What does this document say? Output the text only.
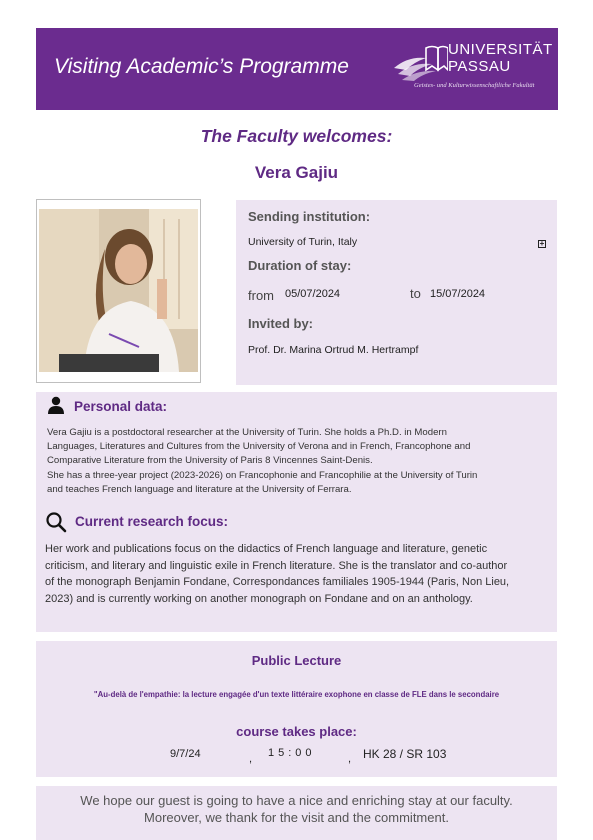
Visiting Academic’s Programme
UNIVERSITÄT
PASSAU
Geistes- und Kulturwissenschaftliche Fakultät
The Faculty welcomes:
Vera Gajiu
Sending institution:
University of Turin, Italy	+
Duration of stay:
from 05/07/2024	to 15/07/2024
Invited by:
Prof. Dr. Marina Ortrud M. Hertrampf
Personal data:
Vera Gajiu is a postdoctoral researcher at the University of Turin. She holds a Ph.D. in Modern
Languages, Literatures and Cultures from the University of Verona and in French, Francophone and
Comparative Literature from the University of Paris 8 Vincennes Saint-Denis.
She has a three-year project (2023-2026) on Francophonie and Francophilie at the University of Turin
and teaches French language and literature at the University of Ferrara.
Current research focus:
Her work and publications focus on the didactics of French language and literature, genetic
criticism, and literary and linguistic exile in French literature. She is the translator and co-author
of the monograph Benjamin Fondane, Correspondances familiales 1905-1944 (Paris, Non Lieu,
2023) and is currently working on another monograph on Fondane and on an anthology.
Public Lecture
"Au-delà de l'empathie: la lecture engagée d'un texte littéraire exophone en classe de FLE dans le secondaire
course takes place:
9/7/24	, 15:00	, HK 28 / SR 103
We hope our guest is going to have a nice and enriching stay at our faculty.
Moreover, we thank for the visit and the commitment.
